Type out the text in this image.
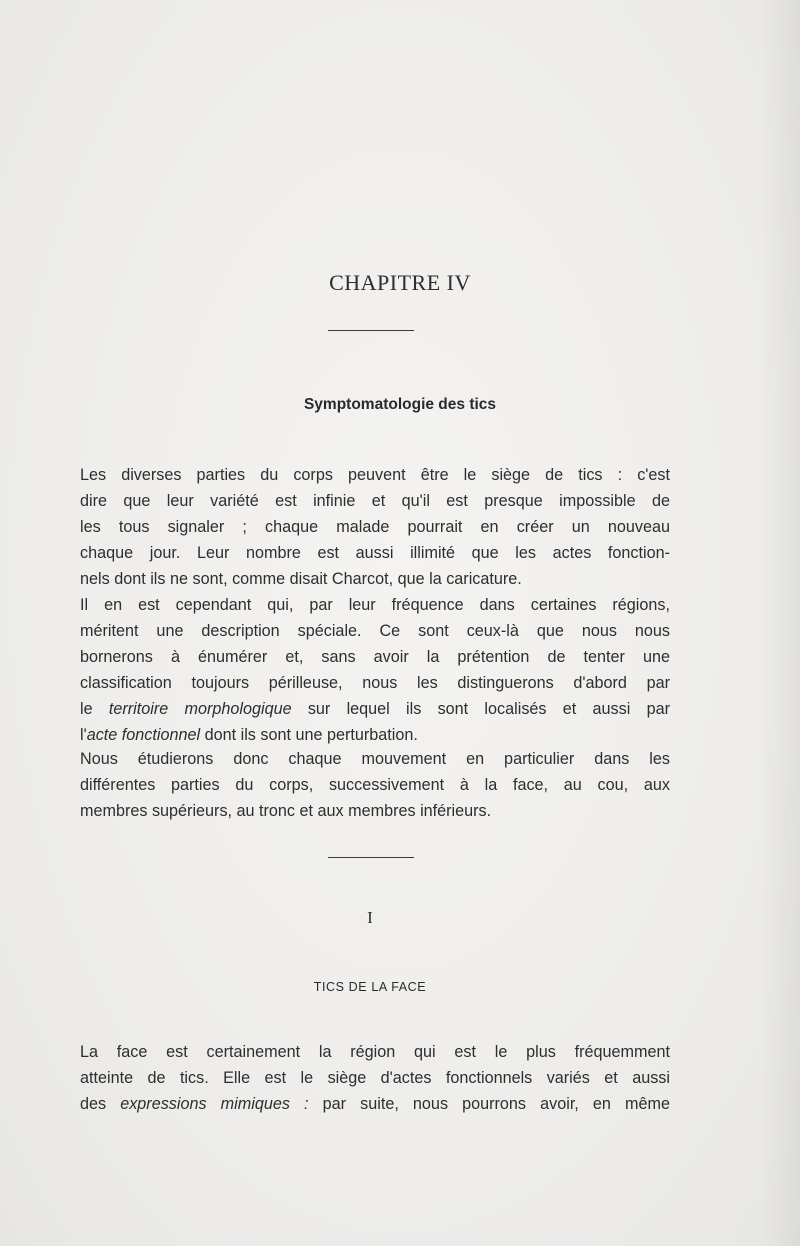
CHAPITRE IV
Symptomatologie des tics
Les diverses parties du corps peuvent être le siège de tics : c'est
dire que leur variété est infinie et qu'il est presque impossible de
les tous signaler ; chaque malade pourrait en créer un nouveau
chaque jour. Leur nombre est aussi illimité que les actes fonction-
nels dont ils ne sont, comme disait Charcot, que la caricature.
Il en est cependant qui, par leur fréquence dans certaines régions,
méritent une description spéciale. Ce sont ceux-là que nous nous
bornerons à énumérer et, sans avoir la prétention de tenter une
classification toujours périlleuse, nous les distinguerons d'abord par
le territoire morphologique sur lequel ils sont localisés et aussi par
l'acte fonctionnel dont ils sont une perturbation.
Nous étudierons donc chaque mouvement en particulier dans les
différentes parties du corps, successivement à la face, au cou, aux
membres supérieurs, au tronc et aux membres inférieurs.
I
TICS DE LA FACE
La face est certainement la région qui est le plus fréquemment
atteinte de tics. Elle est le siège d'actes fonctionnels variés et aussi
des expressions mimiques : par suite, nous pourrons avoir, en même
